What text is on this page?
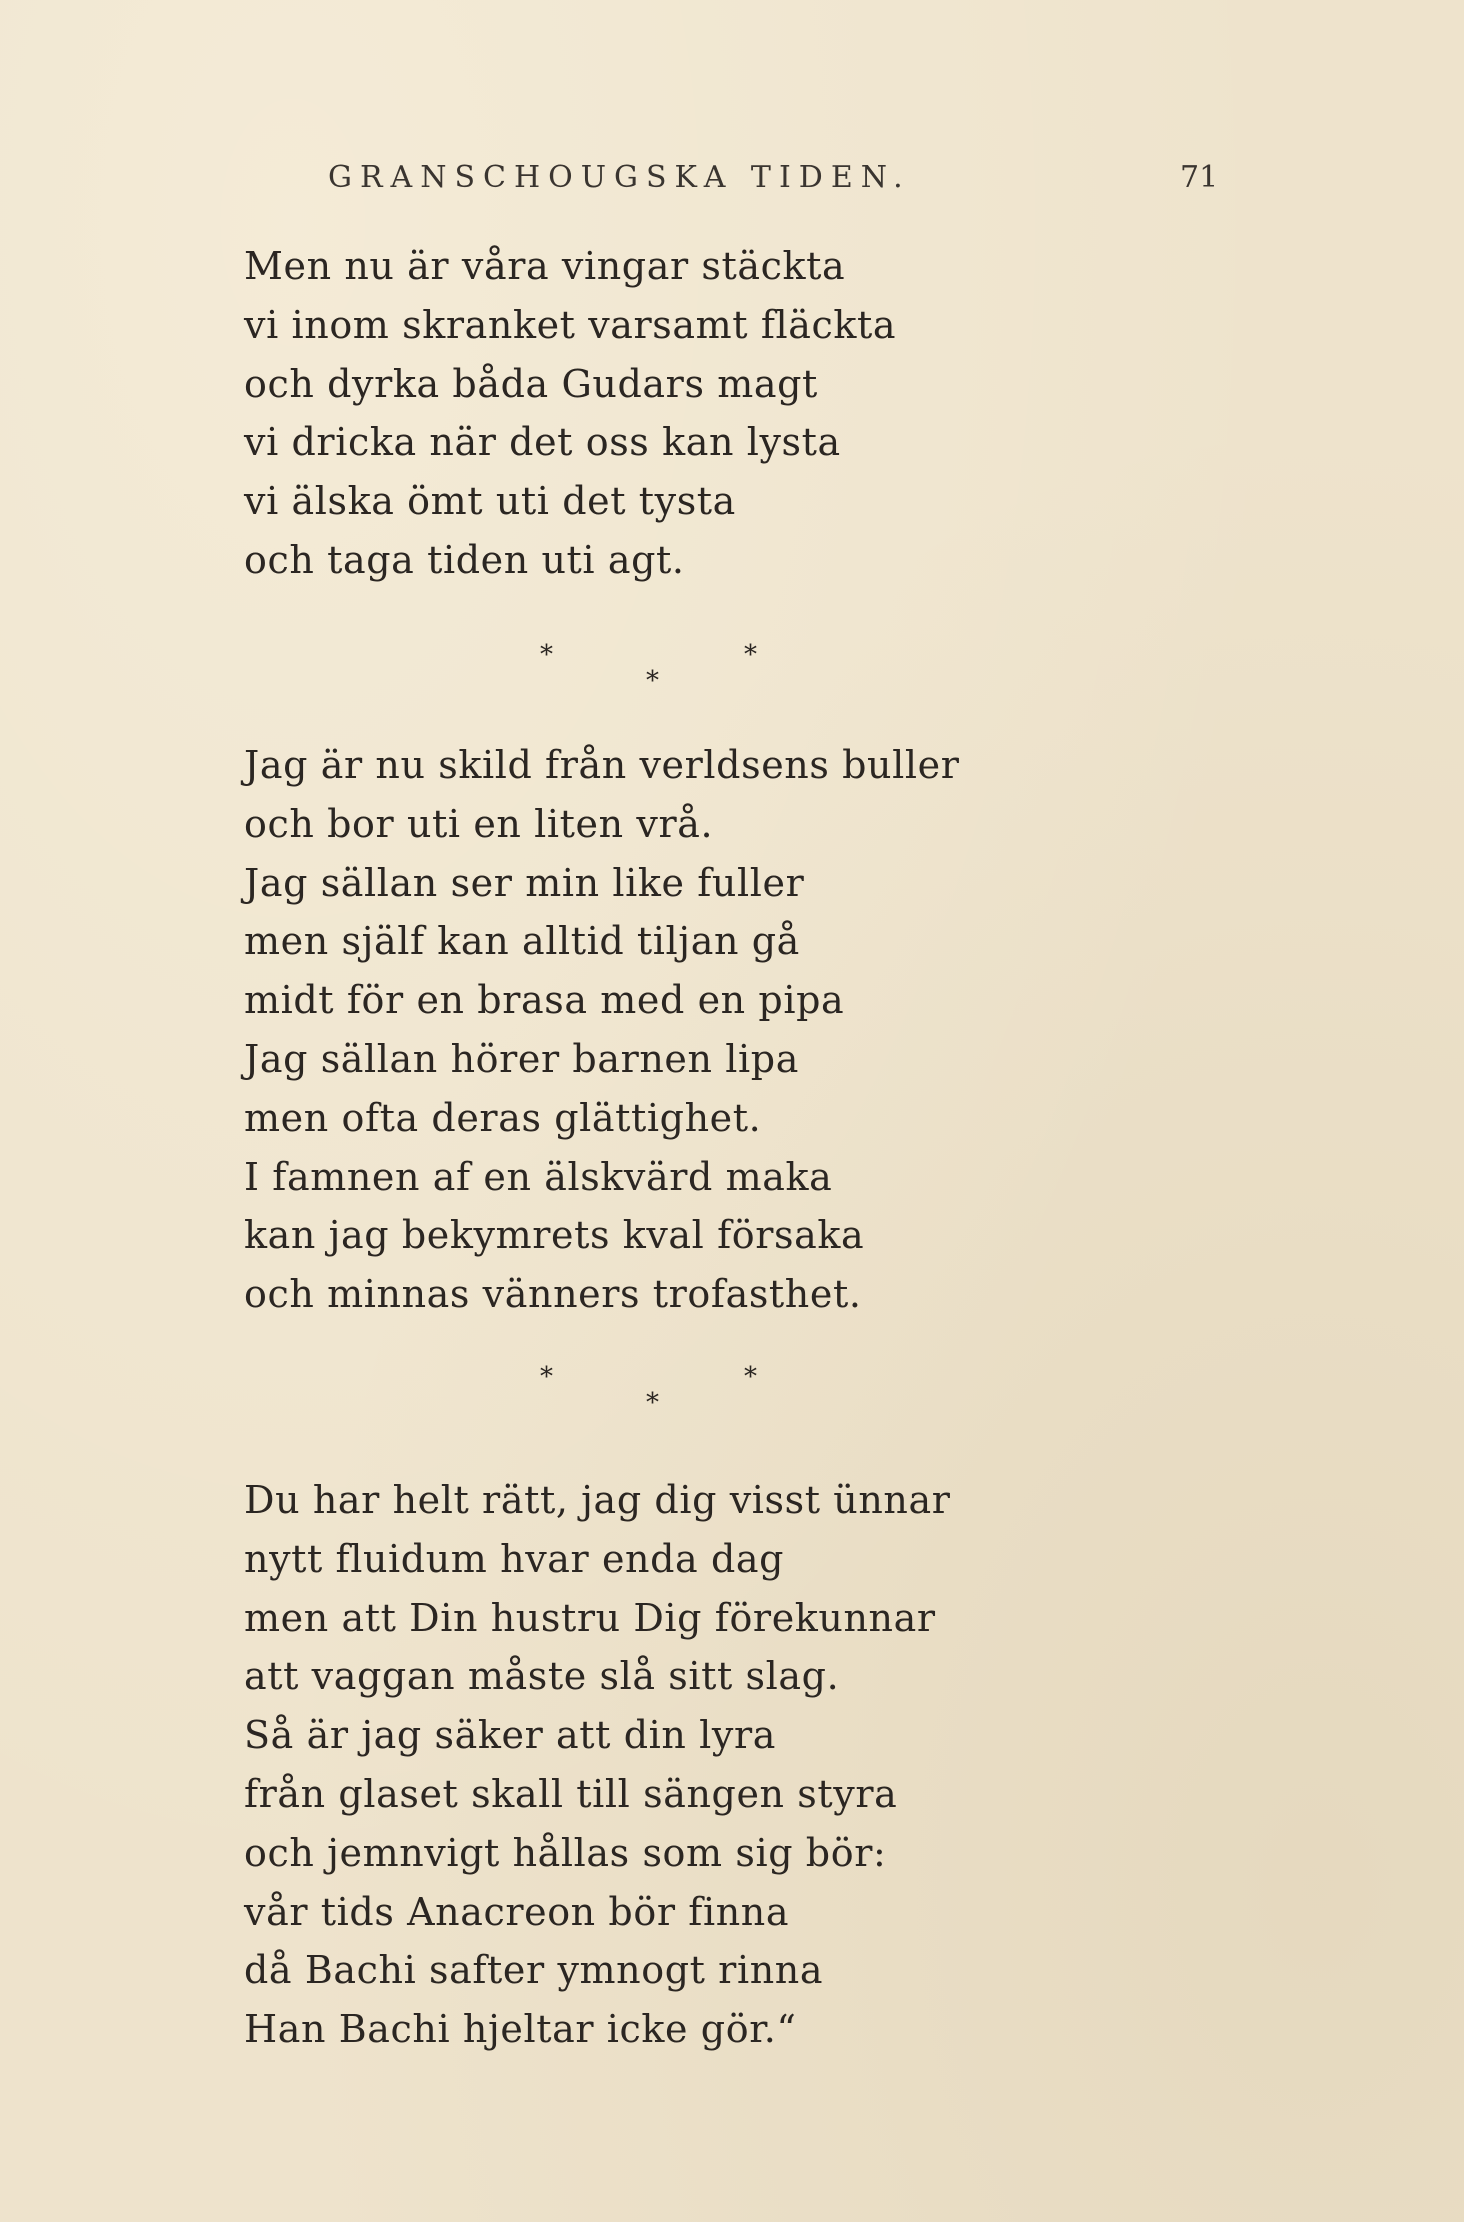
GRANSCHOUGSKA TIDEN.	71
Men nu är våra vingar stäckta
vi inom skranket varsamt fläckta
och dyrka båda Gudars magt
vi dricka när det oss kan lysta
vi älska ömt uti det tysta
och taga tiden uti agt.
*
*
*
Jag är nu skild från verldsens buller
och bor uti en liten vrå.
Jag sällan ser min like fuller
men själf kan alltid tiljan gå
midt för en brasa med en pipa
Jag sällan hörer barnen lipa
men ofta deras glättighet.
I famnen af en älskvärd maka
kan jag bekymrets kval försaka
och minnas vänners trofasthet.
*
*
*
Du har helt rätt, jag dig visst ünnar
nytt fluidum hvar enda dag
men att Din hustru Dig förekunnar
att vaggan måste slå sitt slag.
Så är jag säker att din lyra
från glaset skall till sängen styra
och jemnvigt hållas som sig bör:
vår tids Anacreon bör finna
då Bachi safter ymnogt rinna
Han Bachi hjeltar icke gör.“
